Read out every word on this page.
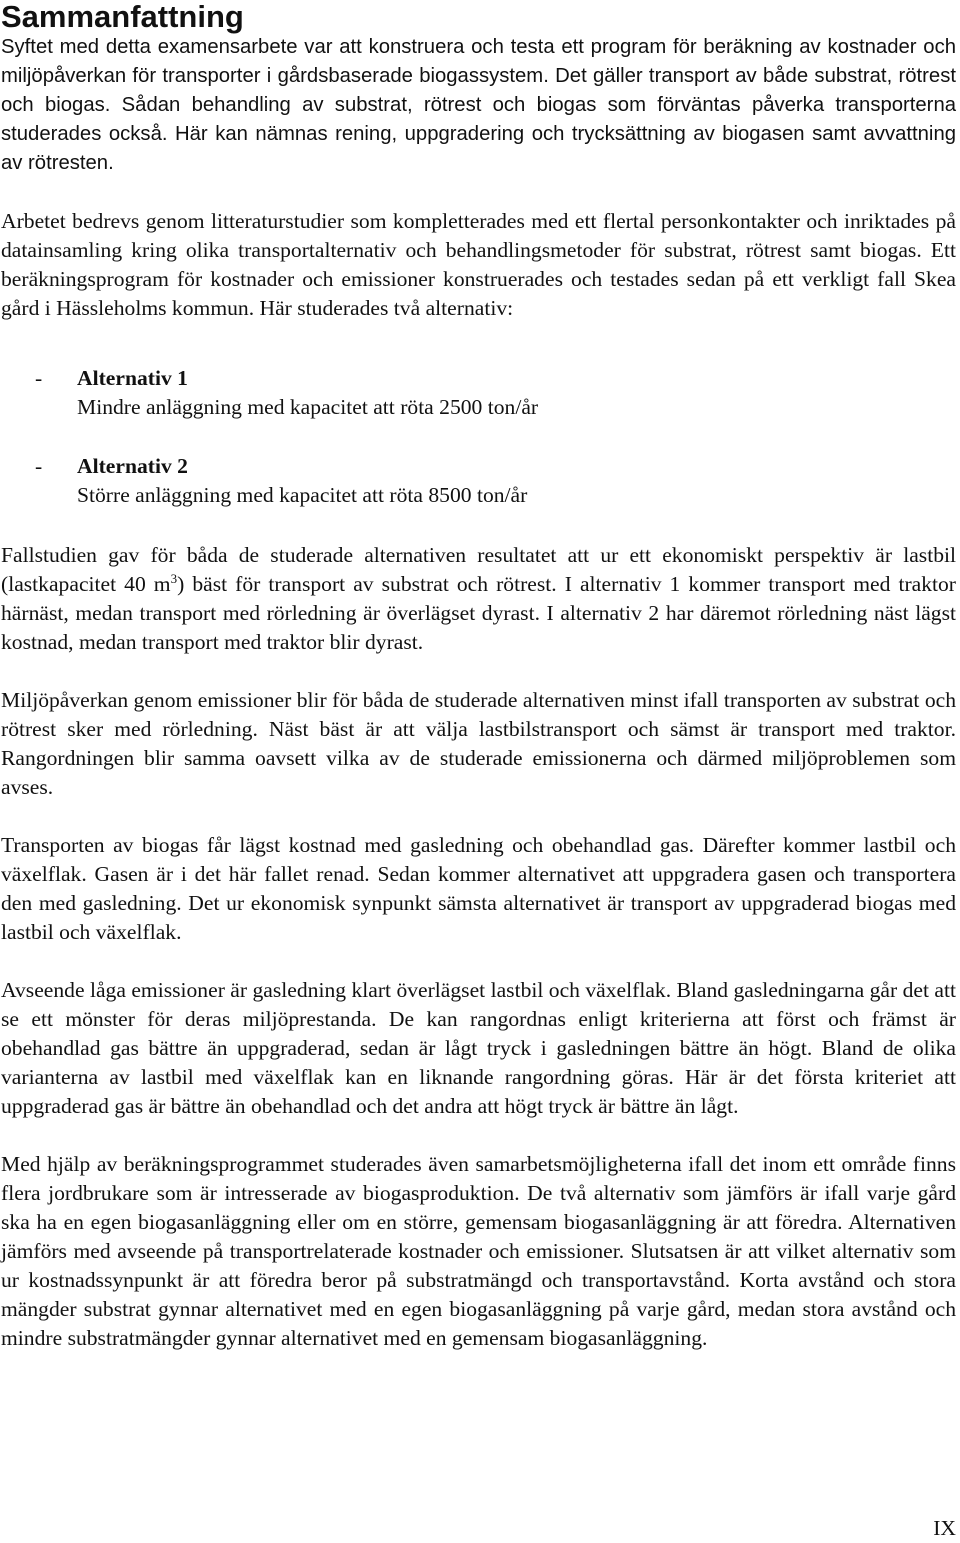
Sammanfattning

Syftet med detta examensarbete var att konstruera och testa ett program för beräkning av kostnader och miljöpåverkan för transporter i gårdsbaserade biogassystem. Det gäller transport av både substrat, rötrest och biogas. Sådan behandling av substrat, rötrest och biogas som förväntas påverka transporterna studerades också. Här kan nämnas rening, uppgradering och trycksättning av biogasen samt avvattning av rötresten.

Arbetet bedrevs genom litteraturstudier som kompletterades med ett flertal personkontakter och inriktades på datainsamling kring olika transportalternativ och behandlingsmetoder för substrat, rötrest samt biogas. Ett beräkningsprogram för kostnader och emissioner konstruerades och testades sedan på ett verkligt fall Skea gård i Hässleholms kommun. Här studerades två alternativ:

- Alternativ 1
Mindre anläggning med kapacitet att röta 2500 ton/år
- Alternativ 2
Större anläggning med kapacitet att röta 8500 ton/år

Fallstudien gav för båda de studerade alternativen resultatet att ur ett ekonomiskt perspektiv är lastbil (lastkapacitet 40 $m^3$) bäst för transport av substrat och rötrest. I alternativ 1 kommer transport med traktor härnäst, medan transport med rörledning är överlägset dyrast. I alternativ 2 har däremot rörledning näst lägst kostnad, medan transport med traktor blir dyrast.

Miljöpåverkan genom emissioner blir för båda de studerade alternativen minst ifall transporten av substrat och rötrest sker med rörledning. Näst bäst är att välja lastbilstransport och sämst är transport med traktor. Rangordningen blir samma oavsett vilka av de studerade emissionerna och därmed miljöproblemen som avses.

Transporten av biogas får lägst kostnad med gasledning och obehandlad gas. Därefter kommer lastbil och växelflak. Gasen är i det här fallet renad. Sedan kommer alternativet att uppgradera gasen och transportera den med gasledning. Det ur ekonomisk synpunkt sämsta alternativet är transport av uppgraderad biogas med lastbil och växelflak.

Avseende låga emissioner är gasledning klart överlägset lastbil och växelflak. Bland gasledningarna går det att se ett mönster för deras miljöprestanda. De kan rangordnas enligt kriterierna att först och främst är obehandlad gas bättre än uppgraderad, sedan är lågt tryck i gasledningen bättre än högt. Bland de olika varianterna av lastbil med växelflak kan en liknande rangordning göras. Här är det första kriteriet att uppgraderad gas är bättre än obehandlad och det andra att högt tryck är bättre än lågt.

Med hjälp av beräkningsprogrammet studerades även samarbetsmöjligheterna ifall det inom ett område finns flera jordbrukare som är intresserade av biogasproduktion. De två alternativ som jämförs är ifall varje gård ska ha en egen biogasanläggning eller om en större, gemensam biogasanläggning är att föredra. Alternativen jämförs med avseende på transportrelaterade kostnader och emissioner. Slutsatsen är att vilket alternativ som ur kostnadssynpunkt är att föredra beror på substratmängd och transportavstånd. Korta avstånd och stora mängder substrat gynnar alternativet med en egen biogasanläggning på varje gård, medan stora avstånd och mindre substratmängder gynnar alternativet med en gemensam biogasanläggning.

IX
